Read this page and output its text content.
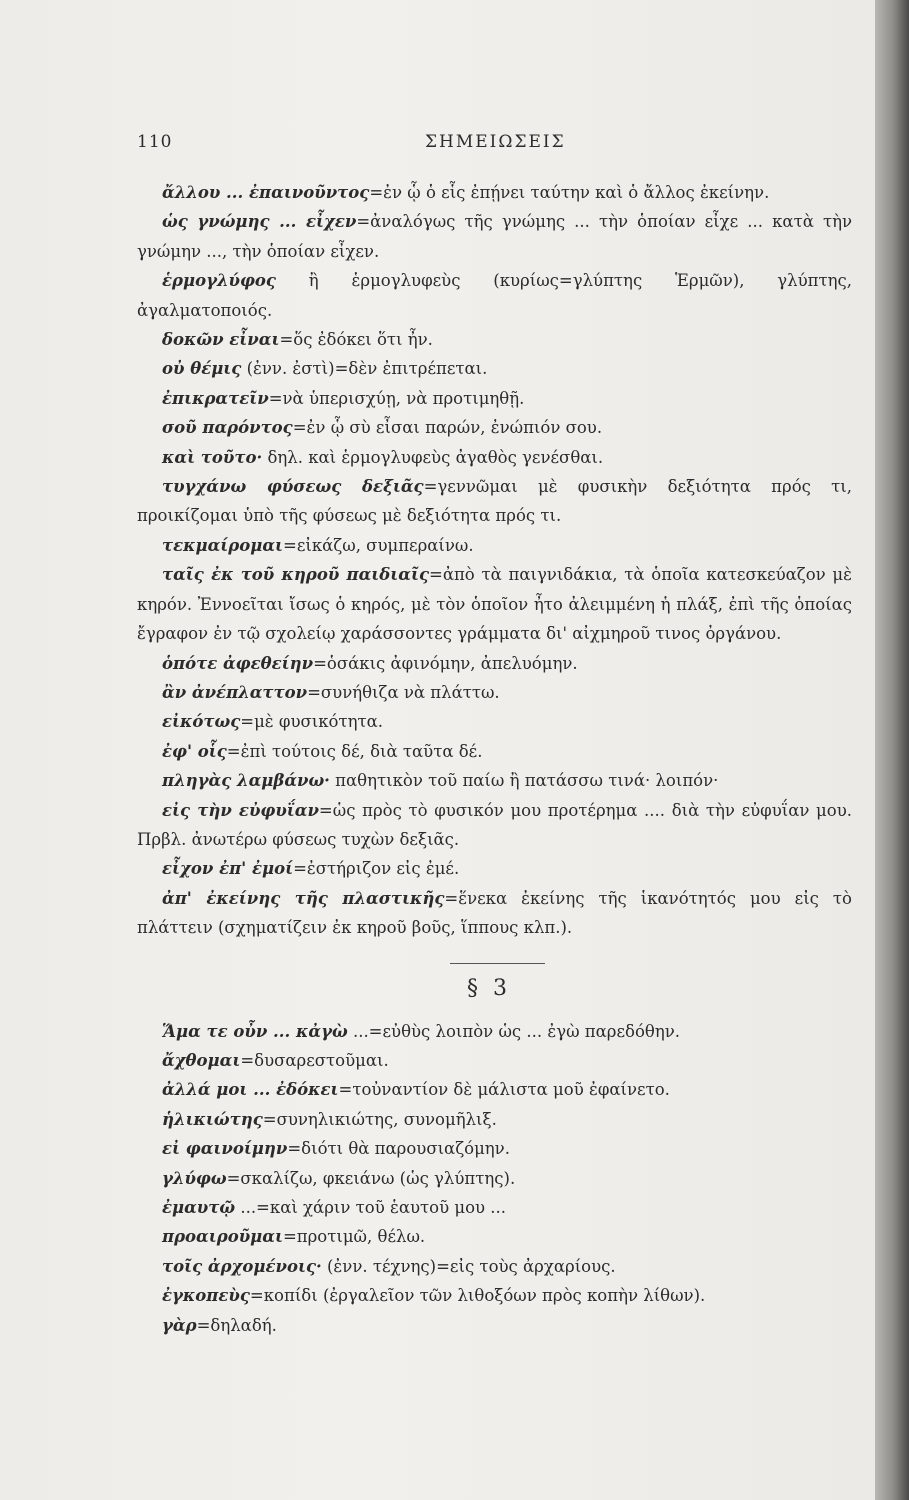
110	ΣΗΜΕΙΩΣΕΙΣ

ἄλλου ... ἐπαινοῦντος=ἐν ᾧ ὁ εἷς ἐπῄνει ταύτην καὶ ὁ ἄλλος ἐκείνην.

ὡς γνώμης ... εἶχεν=ἀναλόγως τῆς γνώμης ... τὴν ὁποίαν εἶχε ... κατὰ τὴν γνώμην ..., τὴν ὁποίαν εἶχεν.

ἑρμογλύφος ἢ ἑρμογλυφεὺς (κυρίως=γλύπτης Ἑρμῶν), γλύπτης, ἀγαλματοποιός.

δοκῶν εἶναι=ὅς ἐδόκει ὅτι ἦν.

οὐ θέμις (ἐνν. ἐστὶ)=δὲν ἐπιτρέπεται.

ἐπικρατεῖν=νὰ ὑπερισχύῃ, νὰ προτιμηθῇ.

σοῦ παρόντος=ἐν ᾧ σὺ εἶσαι παρών, ἐνώπιόν σου.

καὶ τοῦτο· δηλ. καὶ ἑρμογλυφεὺς ἀγαθὸς γενέσθαι.

τυγχάνω φύσεως δεξιᾶς=γεννῶμαι μὲ φυσικὴν δεξιότητα πρός τι, προικίζομαι ὑπὸ τῆς φύσεως μὲ δεξιότητα πρός τι.

τεκμαίρομαι=εἰκάζω, συμπεραίνω.

ταῖς ἐκ τοῦ κηροῦ παιδιαῖς=ἀπὸ τὰ παιγνιδάκια, τὰ ὁποῖα κατεσκεύαζον μὲ κηρόν. Ἐννοεῖται ἴσως ὁ κηρός, μὲ τὸν ὁποῖον ἦτο ἀλειμμένη ἡ πλάξ, ἐπὶ τῆς ὁποίας ἔγραφον ἐν τῷ σχολείῳ χαράσσοντες γράμματα δι' αἰχμηροῦ τινος ὀργάνου.

ὁπότε ἀφεθείην=ὁσάκις ἀφινόμην, ἀπελυόμην.

ἂν ἀνέπλαττον=συνήθιζα νὰ πλάττω.

εἰκότως=μὲ φυσικότητα.

ἐφ' οἷς=ἐπὶ τούτοις δέ, διὰ ταῦτα δέ.

πληγὰς λαμβάνω· παθητικὸν τοῦ παίω ἢ πατάσσω τινά· λοιπόν·

εἰς τὴν εὐφυΐαν=ὡς πρὸς τὸ φυσικόν μου προτέρημα .... διὰ τὴν εὐφυΐαν μου. Πρβλ. ἀνωτέρω φύσεως τυχὼν δεξιᾶς.

εἶχον ἐπ' ἐμοί=ἐστήριζον εἰς ἐμέ.

ἀπ' ἐκείνης τῆς πλαστικῆς=ἕνεκα ἐκείνης τῆς ἱκανότητός μου εἰς τὸ πλάττειν (σχηματίζειν ἐκ κηροῦ βοῦς, ἵππους κλπ.).

§ 3

Ἅμα τε οὖν ... κἀγὼ ...=εὐθὺς λοιπὸν ὡς ... ἐγὼ παρεδόθην.

ἄχθομαι=δυσαρεστοῦμαι.

ἀλλά μοι ... ἐδόκει=τοὐναντίον δὲ μάλιστα μοῦ ἐφαίνετο.

ἡλικιώτης=συνηλικιώτης, συνομῆλιξ.

εἰ φαινοίμην=διότι θὰ παρουσιαζόμην.

γλύφω=σκαλίζω, φκειάνω (ὡς γλύπτης).

ἐμαυτῷ ...=καὶ χάριν τοῦ ἑαυτοῦ μου ...

προαιροῦμαι=προτιμῶ, θέλω.

τοῖς ἀρχομένοις· (ἐνν. τέχνης)=εἰς τοὺς ἀρχαρίους.

ἐγκοπεὺς=κοπίδι (ἐργαλεῖον τῶν λιθοξόων πρὸς κοπὴν λίθων).

γὰρ=δηλαδή.
